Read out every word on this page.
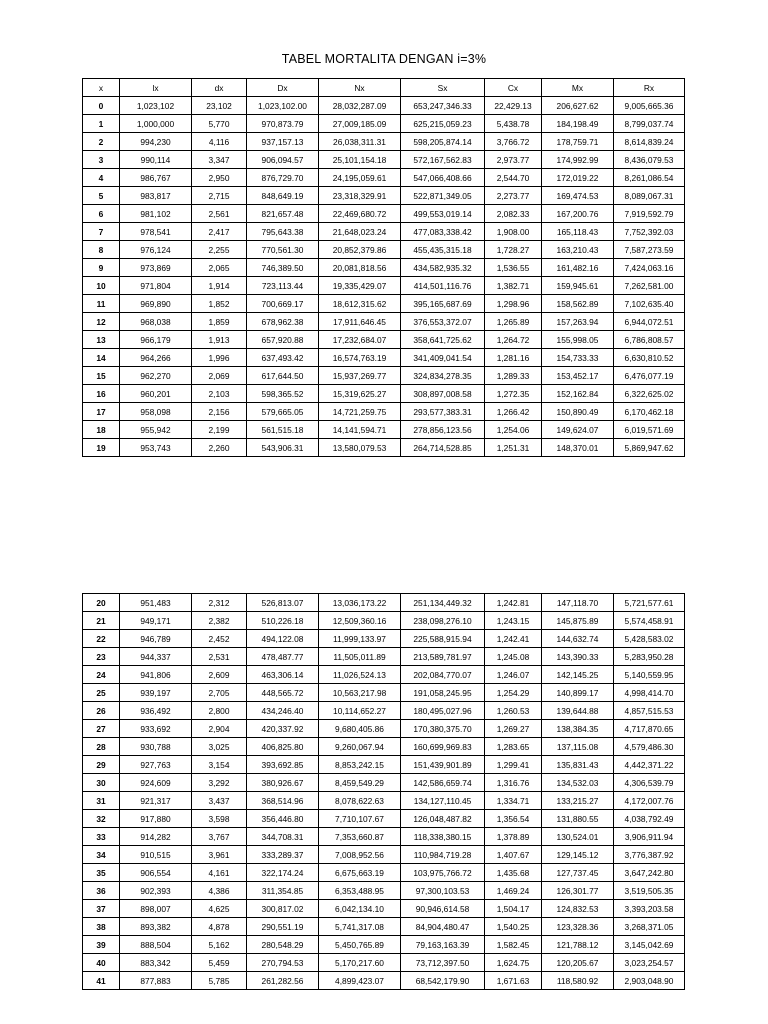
TABEL MORTALITA DENGAN i=3%
x	lx	dx	Dx	Nx	Sx	Cx	Mx	Rx
0	1,023,102	23,102	1,023,102.00	28,032,287.09	653,247,346.33	22,429.13	206,627.62	9,005,665.36
1	1,000,000	5,770	970,873.79	27,009,185.09	625,215,059.23	5,438.78	184,198.49	8,799,037.74
2	994,230	4,116	937,157.13	26,038,311.31	598,205,874.14	3,766.72	178,759.71	8,614,839.24
3	990,114	3,347	906,094.57	25,101,154.18	572,167,562.83	2,973.77	174,992.99	8,436,079.53
4	986,767	2,950	876,729.70	24,195,059.61	547,066,408.66	2,544.70	172,019.22	8,261,086.54
5	983,817	2,715	848,649.19	23,318,329.91	522,871,349.05	2,273.77	169,474.53	8,089,067.31
6	981,102	2,561	821,657.48	22,469,680.72	499,553,019.14	2,082.33	167,200.76	7,919,592.79
7	978,541	2,417	795,643.38	21,648,023.24	477,083,338.42	1,908.00	165,118.43	7,752,392.03
8	976,124	2,255	770,561.30	20,852,379.86	455,435,315.18	1,728.27	163,210.43	7,587,273.59
9	973,869	2,065	746,389.50	20,081,818.56	434,582,935.32	1,536.55	161,482.16	7,424,063.16
10	971,804	1,914	723,113.44	19,335,429.07	414,501,116.76	1,382.71	159,945.61	7,262,581.00
11	969,890	1,852	700,669.17	18,612,315.62	395,165,687.69	1,298.96	158,562.89	7,102,635.40
12	968,038	1,859	678,962.38	17,911,646.45	376,553,372.07	1,265.89	157,263.94	6,944,072.51
13	966,179	1,913	657,920.88	17,232,684.07	358,641,725.62	1,264.72	155,998.05	6,786,808.57
14	964,266	1,996	637,493.42	16,574,763.19	341,409,041.54	1,281.16	154,733.33	6,630,810.52
15	962,270	2,069	617,644.50	15,937,269.77	324,834,278.35	1,289.33	153,452.17	6,476,077.19
16	960,201	2,103	598,365.52	15,319,625.27	308,897,008.58	1,272.35	152,162.84	6,322,625.02
17	958,098	2,156	579,665.05	14,721,259.75	293,577,383.31	1,266.42	150,890.49	6,170,462.18
18	955,942	2,199	561,515.18	14,141,594.71	278,856,123.56	1,254.06	149,624.07	6,019,571.69
19	953,743	2,260	543,906.31	13,580,079.53	264,714,528.85	1,251.31	148,370.01	5,869,947.62
20	951,483	2,312	526,813.07	13,036,173.22	251,134,449.32	1,242.81	147,118.70	5,721,577.61
21	949,171	2,382	510,226.18	12,509,360.16	238,098,276.10	1,243.15	145,875.89	5,574,458.91
22	946,789	2,452	494,122.08	11,999,133.97	225,588,915.94	1,242.41	144,632.74	5,428,583.02
23	944,337	2,531	478,487.77	11,505,011.89	213,589,781.97	1,245.08	143,390.33	5,283,950.28
24	941,806	2,609	463,306.14	11,026,524.13	202,084,770.07	1,246.07	142,145.25	5,140,559.95
25	939,197	2,705	448,565.72	10,563,217.98	191,058,245.95	1,254.29	140,899.17	4,998,414.70
26	936,492	2,800	434,246.40	10,114,652.27	180,495,027.96	1,260.53	139,644.88	4,857,515.53
27	933,692	2,904	420,337.92	9,680,405.86	170,380,375.70	1,269.27	138,384.35	4,717,870.65
28	930,788	3,025	406,825.80	9,260,067.94	160,699,969.83	1,283.65	137,115.08	4,579,486.30
29	927,763	3,154	393,692.85	8,853,242.15	151,439,901.89	1,299.41	135,831.43	4,442,371.22
30	924,609	3,292	380,926.67	8,459,549.29	142,586,659.74	1,316.76	134,532.03	4,306,539.79
31	921,317	3,437	368,514.96	8,078,622.63	134,127,110.45	1,334.71	133,215.27	4,172,007.76
32	917,880	3,598	356,446.80	7,710,107.67	126,048,487.82	1,356.54	131,880.55	4,038,792.49
33	914,282	3,767	344,708.31	7,353,660.87	118,338,380.15	1,378.89	130,524.01	3,906,911.94
34	910,515	3,961	333,289.37	7,008,952.56	110,984,719.28	1,407.67	129,145.12	3,776,387.92
35	906,554	4,161	322,174.24	6,675,663.19	103,975,766.72	1,435.68	127,737.45	3,647,242.80
36	902,393	4,386	311,354.85	6,353,488.95	97,300,103.53	1,469.24	126,301.77	3,519,505.35
37	898,007	4,625	300,817.02	6,042,134.10	90,946,614.58	1,504.17	124,832.53	3,393,203.58
38	893,382	4,878	290,551.19	5,741,317.08	84,904,480.47	1,540.25	123,328.36	3,268,371.05
39	888,504	5,162	280,548.29	5,450,765.89	79,163,163.39	1,582.45	121,788.12	3,145,042.69
40	883,342	5,459	270,794.53	5,170,217.60	73,712,397.50	1,624.75	120,205.67	3,023,254.57
41	877,883	5,785	261,282.56	4,899,423.07	68,542,179.90	1,671.63	118,580.92	2,903,048.90
